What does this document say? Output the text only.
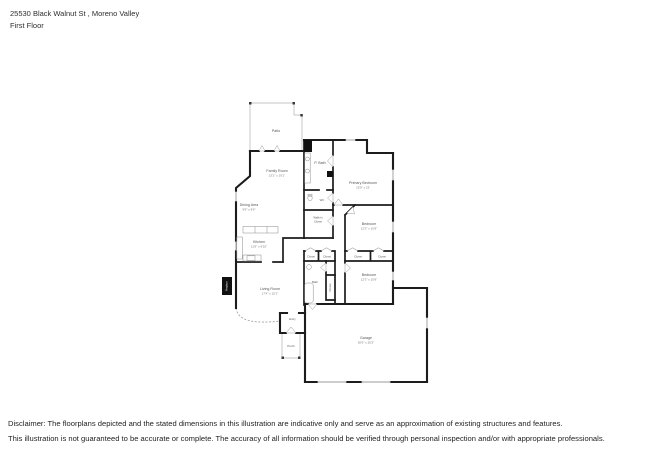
25530 Black Walnut St , Moreno Valley
First Floor
Patio
Family Room
13'2" x 19'1"
P. Bath
Primary Bedroom
15'9" x 23'
Dining Area
9'9" x 8'6"
WC
Walk-in
Closet
Bedroom
12'3" x 10'9"
Kitchen
11'6" x 9'10"
Closet	Closet	Closet	Closet
Bath
Closet
Bedroom
12'3" x 10'9"
Living Room
17'4" x 15'1"
Entry
Porch
Garage
20'6" x 20'2"
Fireplace
Disclaimer: The floorplans depicted and the stated dimensions in this illustration are indicative only and serve as an approximation of existing structures and features.
This illustration is not guaranteed to be accurate or complete. The accuracy of all information should be verified through personal inspection and/or with appropriate professionals.
